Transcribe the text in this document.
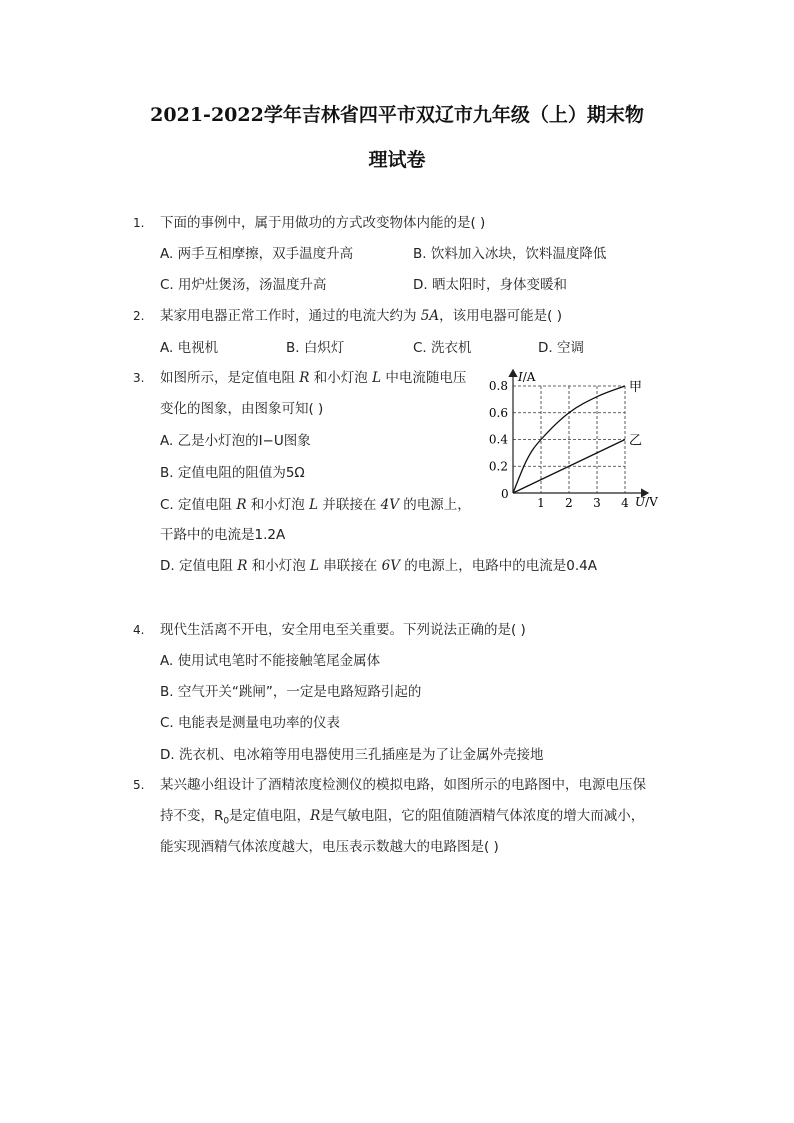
2021-2022学年吉林省四平市双辽市九年级（上）期末物
理试卷
1. 下面的事例中，属于用做功的方式改变物体内能的是( )
A. 两手互相摩擦，双手温度升高	B. 饮料加入冰块，饮料温度降低
C. 用炉灶煲汤，汤温度升高	D. 晒太阳时，身体变暖和
2. 某家用电器正常工作时，通过的电流大约为 5A，该用电器可能是( )
A. 电视机	B. 白炽灯	C. 洗衣机	D. 空调
3. 如图所示，是定值电阻 R 和小灯泡 L 中电流随电压
变化的图象，由图象可知( )
A. 乙是小灯泡的I−U图象
B. 定值电阻的阻值为5Ω
C. 定值电阻 R 和小灯泡 L 并联接在 4V 的电源上，
干路中的电流是1.2A
D. 定值电阻 R 和小灯泡 L 串联接在 6V 的电源上，电路中的电流是0.4A
I/A
U/V
0
1 2 3 4
0.2
0.4
0.6
0.8	甲
乙
4. 现代生活离不开电，安全用电至关重要。下列说法正确的是( )
A. 使用试电笔时不能接触笔尾金属体
B. 空气开关“跳闸”，一定是电路短路引起的
C. 电能表是测量电功率的仪表
D. 洗衣机、电冰箱等用电器使用三孔插座是为了让金属外壳接地
5. 某兴趣小组设计了酒精浓度检测仪的模拟电路，如图所示的电路图中，电源电压保
持不变，$R_0$是定值电阻，R是气敏电阻，它的阻值随酒精气体浓度的增大而减小，
能实现酒精气体浓度越大，电压表示数越大的电路图是( )
